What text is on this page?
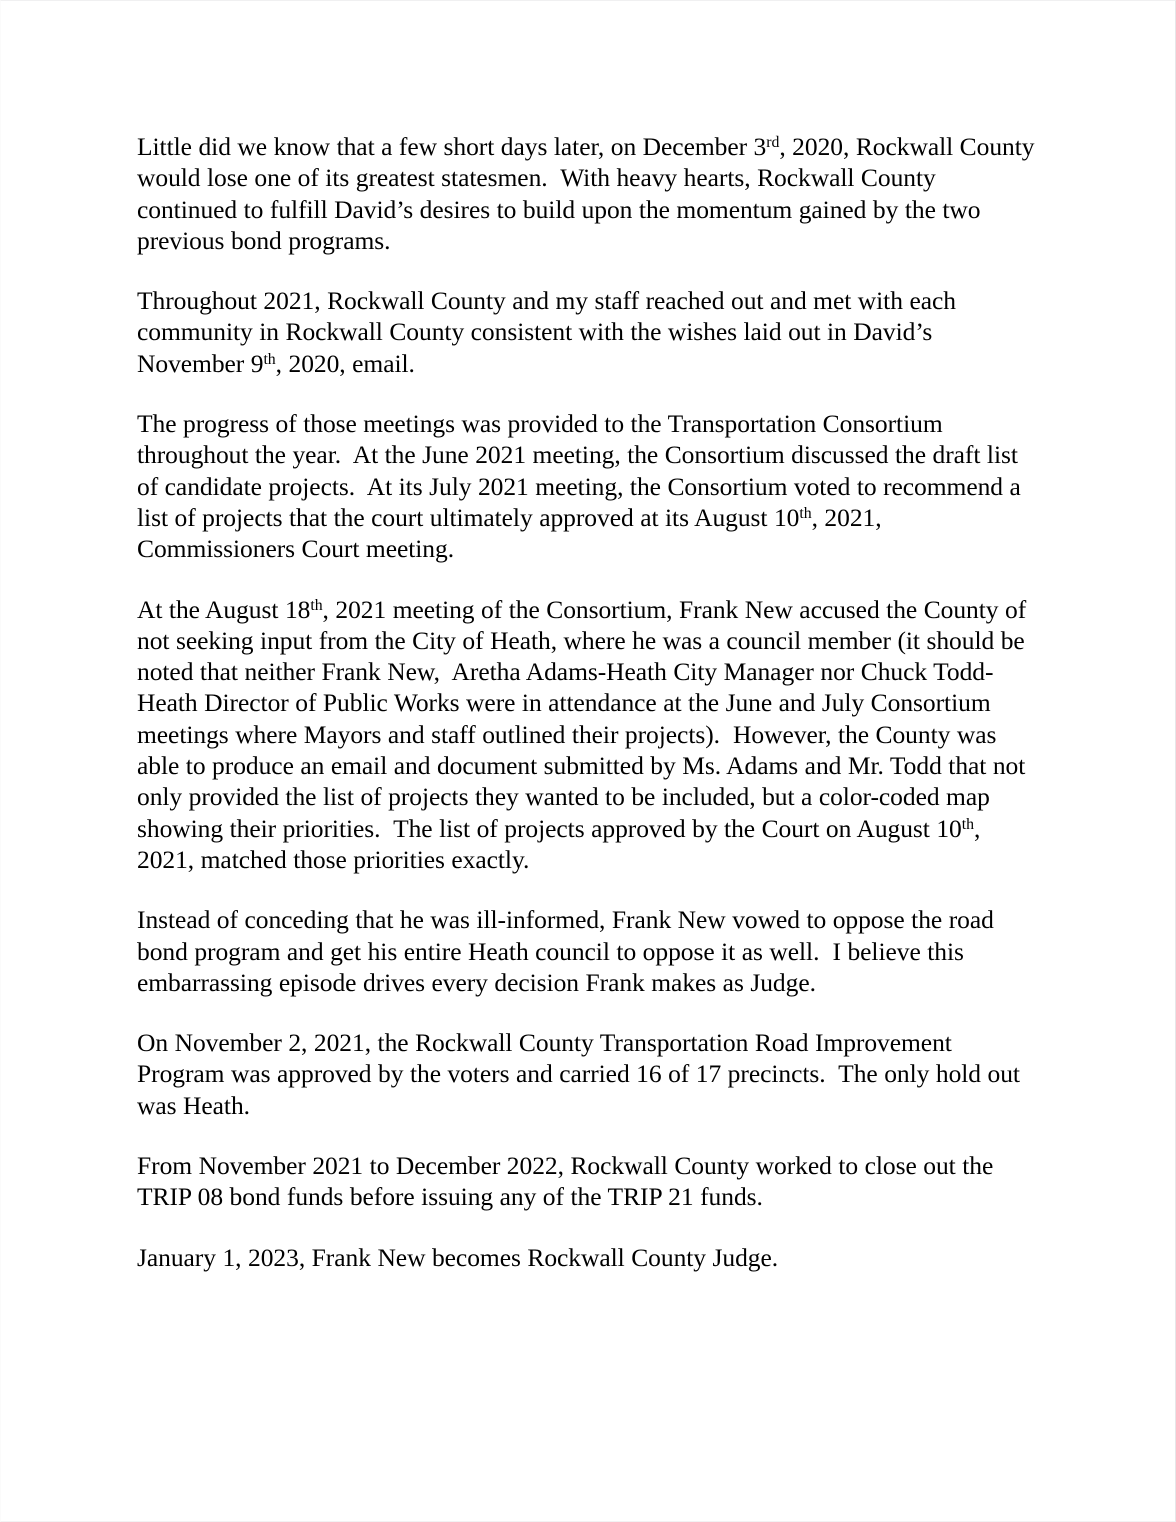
Little did we know that a few short days later, on December 3rd, 2020, Rockwall County would lose one of its greatest statesmen.  With heavy hearts, Rockwall County continued to fulfill David’s desires to build upon the momentum gained by the two previous bond programs.

Throughout 2021, Rockwall County and my staff reached out and met with each community in Rockwall County consistent with the wishes laid out in David’s November 9th, 2020, email.

The progress of those meetings was provided to the Transportation Consortium throughout the year.  At the June 2021 meeting, the Consortium discussed the draft list of candidate projects.  At its July 2021 meeting, the Consortium voted to recommend a list of projects that the court ultimately approved at its August 10th, 2021, Commissioners Court meeting.

At the August 18th, 2021 meeting of the Consortium, Frank New accused the County of not seeking input from the City of Heath, where he was a council member (it should be noted that neither Frank New,  Aretha Adams-Heath City Manager nor Chuck Todd-Heath Director of Public Works were in attendance at the June and July Consortium meetings where Mayors and staff outlined their projects).  However, the County was able to produce an email and document submitted by Ms. Adams and Mr. Todd that not only provided the list of projects they wanted to be included, but a color-coded map showing their priorities.  The list of projects approved by the Court on August 10th, 2021, matched those priorities exactly.

Instead of conceding that he was ill-informed, Frank New vowed to oppose the road bond program and get his entire Heath council to oppose it as well.  I believe this embarrassing episode drives every decision Frank makes as Judge.

On November 2, 2021, the Rockwall County Transportation Road Improvement Program was approved by the voters and carried 16 of 17 precincts.  The only hold out was Heath.

From November 2021 to December 2022, Rockwall County worked to close out the TRIP 08 bond funds before issuing any of the TRIP 21 funds.

January 1, 2023, Frank New becomes Rockwall County Judge.
